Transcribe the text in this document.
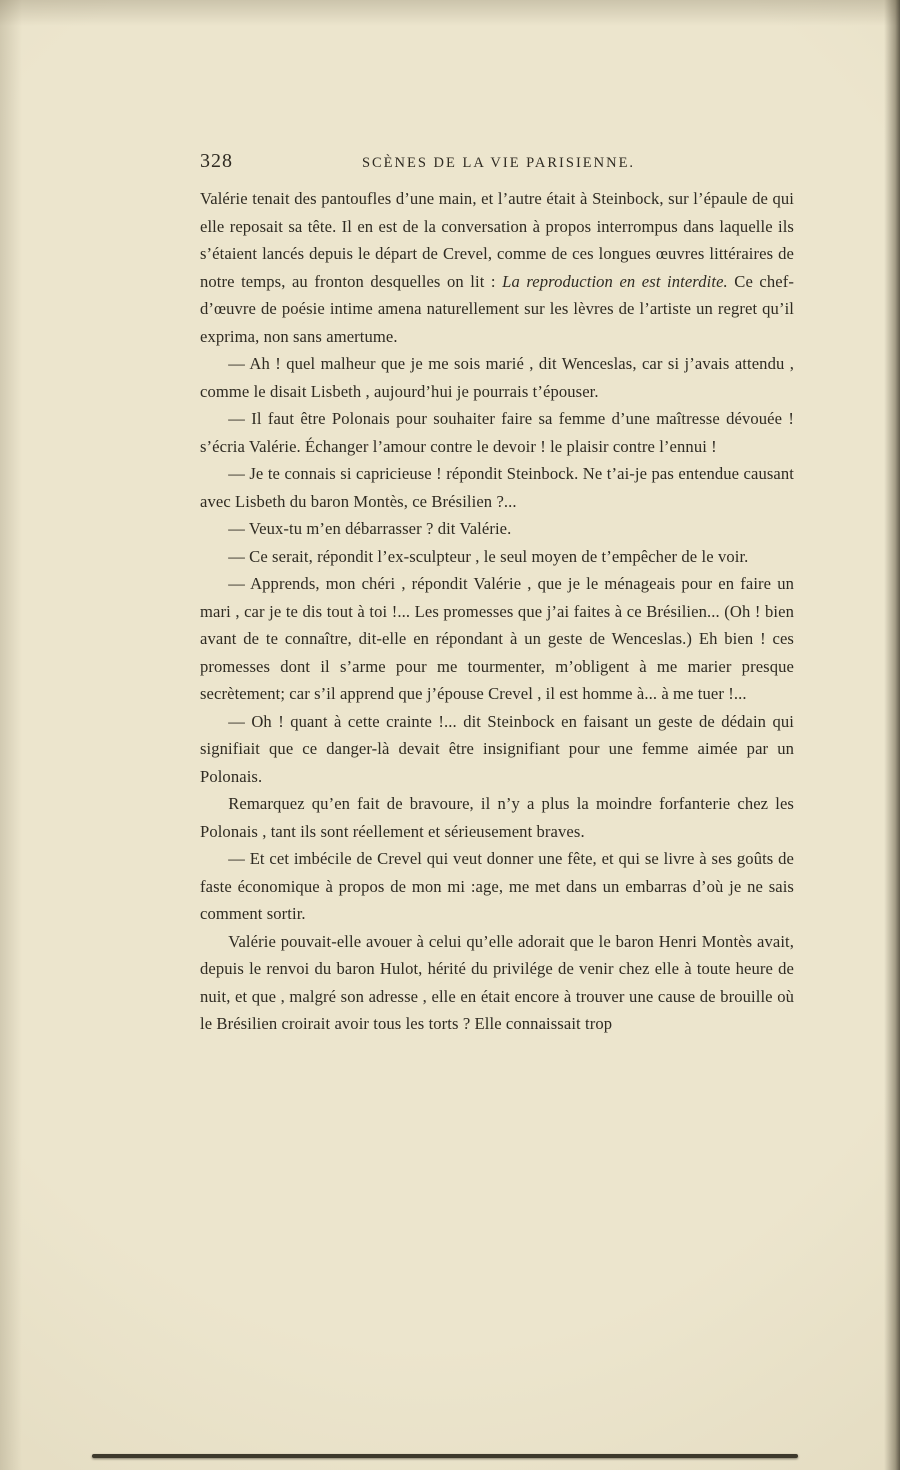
328	SCÈNES DE LA VIE PARISIENNE.

Valérie tenait des pantoufles d’une main, et l’autre était à Steinbock, sur l’épaule de qui elle reposait sa tête. Il en est de la conversation à propos interrompus dans laquelle ils s’étaient lancés depuis le départ de Crevel, comme de ces longues œuvres littéraires de notre temps, au fronton desquelles on lit : La reproduction en est interdite. Ce chef-d’œuvre de poésie intime amena naturellement sur les lèvres de l’artiste un regret qu’il exprima, non sans amertume.

— Ah ! quel malheur que je me sois marié , dit Wenceslas, car si j’avais attendu , comme le disait Lisbeth , aujourd’hui je pourrais t’épouser.

— Il faut être Polonais pour souhaiter faire sa femme d’une maîtresse dévouée ! s’écria Valérie. Échanger l’amour contre le devoir ! le plaisir contre l’ennui !

— Je te connais si capricieuse ! répondit Steinbock. Ne t’ai-je pas entendue causant avec Lisbeth du baron Montès, ce Brésilien ?...

— Veux-tu m’en débarrasser ? dit Valérie.

— Ce serait, répondit l’ex-sculpteur , le seul moyen de t’empêcher de le voir.

— Apprends, mon chéri , répondit Valérie , que je le ménageais pour en faire un mari , car je te dis tout à toi !... Les promesses que j’ai faites à ce Brésilien... (Oh ! bien avant de te connaître, dit-elle en répondant à un geste de Wenceslas.) Eh bien ! ces promesses dont il s’arme pour me tourmenter, m’obligent à me marier presque secrètement; car s’il apprend que j’épouse Crevel , il est homme à... à me tuer !...

— Oh ! quant à cette crainte !... dit Steinbock en faisant un geste de dédain qui signifiait que ce danger-là devait être insignifiant pour une femme aimée par un Polonais.

Remarquez qu’en fait de bravoure, il n’y a plus la moindre forfanterie chez les Polonais , tant ils sont réellement et sérieusement braves.

— Et cet imbécile de Crevel qui veut donner une fête, et qui se livre à ses goûts de faste économique à propos de mon mi :age, me met dans un embarras d’où je ne sais comment sortir.

Valérie pouvait-elle avouer à celui qu’elle adorait que le baron Henri Montès avait, depuis le renvoi du baron Hulot, hérité du privilége de venir chez elle à toute heure de nuit, et que , malgré son adresse , elle en était encore à trouver une cause de brouille où le Brésilien croirait avoir tous les torts ? Elle connaissait trop
